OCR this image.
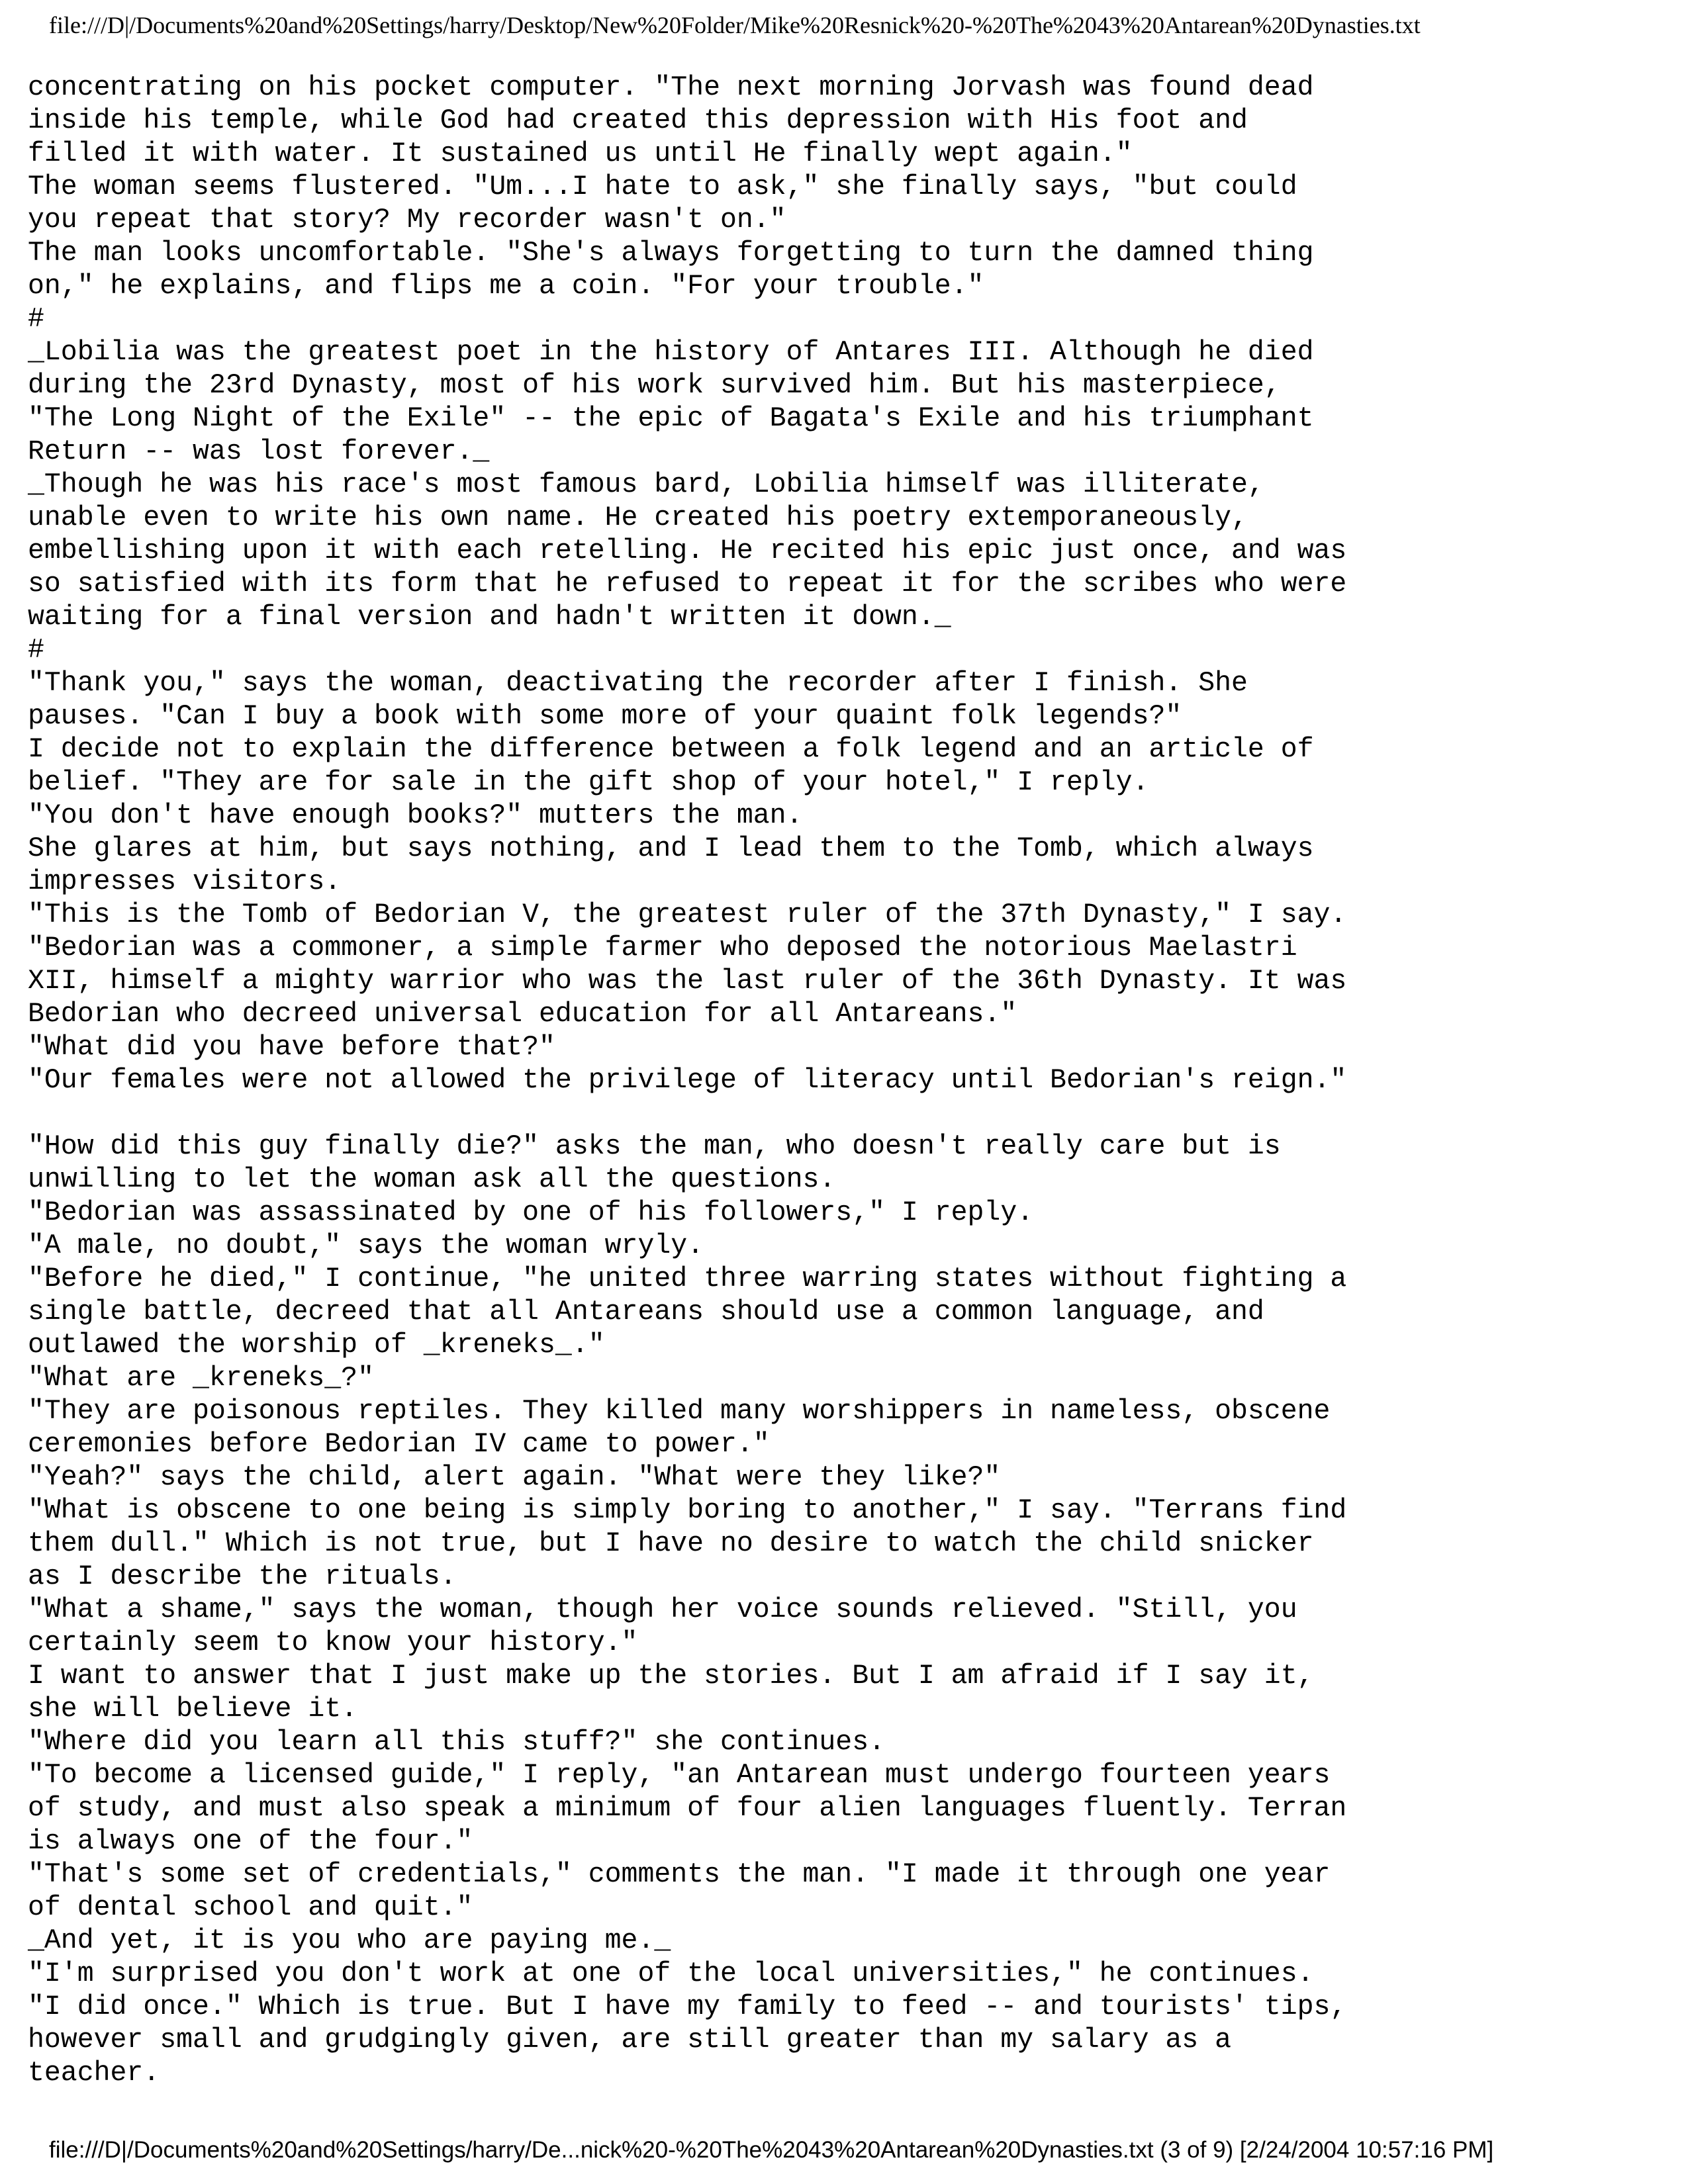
file:///D|/Documents%20and%20Settings/harry/Desktop/New%20Folder/Mike%20Resnick%20-%20The%2043%20Antarean%20Dynasties.txt
concentrating on his pocket computer. "The next morning Jorvash was found dead
inside his temple, while God had created this depression with His foot and
filled it with water. It sustained us until He finally wept again."
The woman seems flustered. "Um...I hate to ask," she finally says, "but could
you repeat that story? My recorder wasn't on."
The man looks uncomfortable. "She's always forgetting to turn the damned thing
on," he explains, and flips me a coin. "For your trouble."
#
_Lobilia was the greatest poet in the history of Antares III. Although he died
during the 23rd Dynasty, most of his work survived him. But his masterpiece,
"The Long Night of the Exile" -- the epic of Bagata's Exile and his triumphant
Return -- was lost forever._
_Though he was his race's most famous bard, Lobilia himself was illiterate,
unable even to write his own name. He created his poetry extemporaneously,
embellishing upon it with each retelling. He recited his epic just once, and was
so satisfied with its form that he refused to repeat it for the scribes who were
waiting for a final version and hadn't written it down._
#
"Thank you," says the woman, deactivating the recorder after I finish. She
pauses. "Can I buy a book with some more of your quaint folk legends?"
I decide not to explain the difference between a folk legend and an article of
belief. "They are for sale in the gift shop of your hotel," I reply.
"You don't have enough books?" mutters the man.
She glares at him, but says nothing, and I lead them to the Tomb, which always
impresses visitors.
"This is the Tomb of Bedorian V, the greatest ruler of the 37th Dynasty," I say.
"Bedorian was a commoner, a simple farmer who deposed the notorious Maelastri
XII, himself a mighty warrior who was the last ruler of the 36th Dynasty. It was
Bedorian who decreed universal education for all Antareans."
"What did you have before that?"
"Our females were not allowed the privilege of literacy until Bedorian's reign."
"How did this guy finally die?" asks the man, who doesn't really care but is
unwilling to let the woman ask all the questions.
"Bedorian was assassinated by one of his followers," I reply.
"A male, no doubt," says the woman wryly.
"Before he died," I continue, "he united three warring states without fighting a
single battle, decreed that all Antareans should use a common language, and
outlawed the worship of _kreneks_."
"What are _kreneks_?"
"They are poisonous reptiles. They killed many worshippers in nameless, obscene
ceremonies before Bedorian IV came to power."
"Yeah?" says the child, alert again. "What were they like?"
"What is obscene to one being is simply boring to another," I say. "Terrans find
them dull." Which is not true, but I have no desire to watch the child snicker
as I describe the rituals.
"What a shame," says the woman, though her voice sounds relieved. "Still, you
certainly seem to know your history."
I want to answer that I just make up the stories. But I am afraid if I say it,
she will believe it.
"Where did you learn all this stuff?" she continues.
"To become a licensed guide," I reply, "an Antarean must undergo fourteen years
of study, and must also speak a minimum of four alien languages fluently. Terran
is always one of the four."
"That's some set of credentials," comments the man. "I made it through one year
of dental school and quit."
_And yet, it is you who are paying me._
"I'm surprised you don't work at one of the local universities," he continues.
"I did once." Which is true. But I have my family to feed -- and tourists' tips,
however small and grudgingly given, are still greater than my salary as a
teacher.
file:///D|/Documents%20and%20Settings/harry/De...nick%20-%20The%2043%20Antarean%20Dynasties.txt (3 of 9) [2/24/2004 10:57:16 PM]
